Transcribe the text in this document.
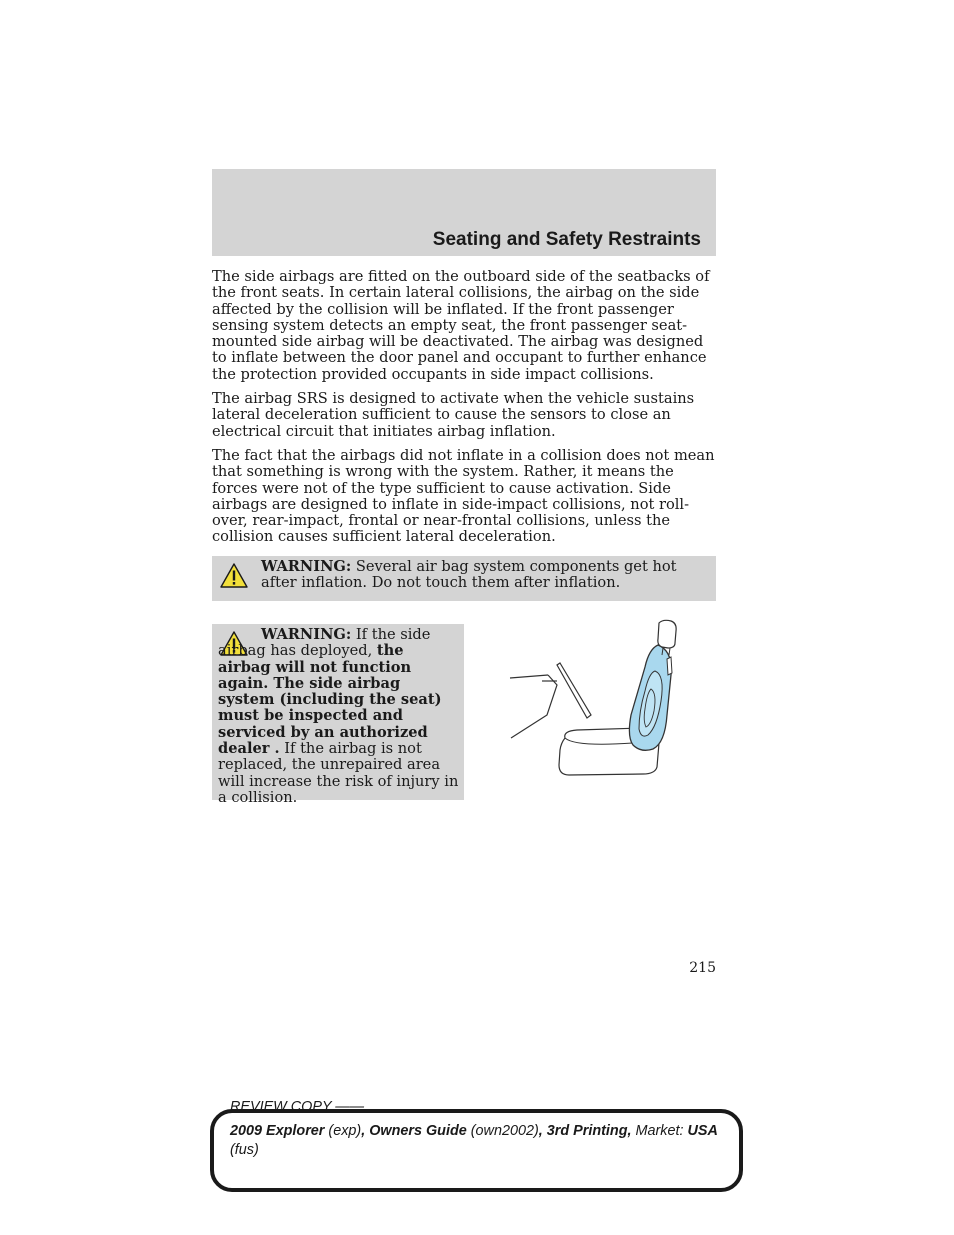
Seating and Safety Restraints

The side airbags are fitted on the outboard side of the seatbacks of the front seats. In certain lateral collisions, the airbag on the side affected by the collision will be inflated. If the front passenger sensing system detects an empty seat, the front passenger seat-mounted side airbag will be deactivated. The airbag was designed to inflate between the door panel and occupant to further enhance the protection provided occupants in side impact collisions.

The airbag SRS is designed to activate when the vehicle sustains lateral deceleration sufficient to cause the sensors to close an electrical circuit that initiates airbag inflation.

The fact that the airbags did not inflate in a collision does not mean that something is wrong with the system. Rather, it means the forces were not of the type sufficient to cause activation. Side airbags are designed to inflate in side-impact collisions, not roll-over, rear-impact, frontal or near-frontal collisions, unless the collision causes sufficient lateral deceleration.

WARNING: Several air bag system components get hot after inflation. Do not touch them after inflation.
WARNING: If the side airbag has deployed, the airbag will not function again. The side airbag system (including the seat) must be inspected and serviced by an authorized dealer . If the airbag is not replaced, the unrepaired area will increase the risk of injury in a collision.
215
REVIEW COPY ——
2009 Explorer (exp), Owners Guide (own2002), 3rd Printing, Market: USA
(fus)
